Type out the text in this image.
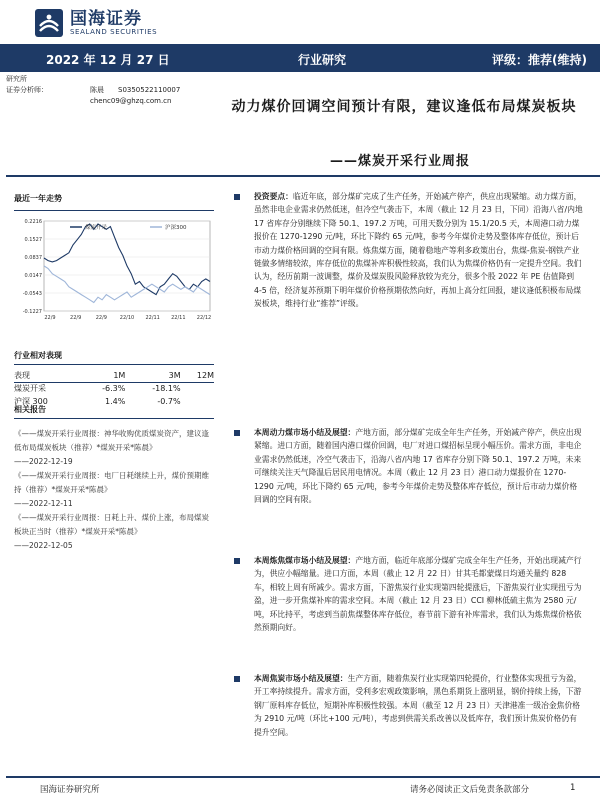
国海证券
SEALAND SECURITIES
2022 年 12 月 27 日	行业研究	评级：推荐(维持)
研究所
证券分析师：	陈晨	S0350522110007
chenc09@ghzq.com.cn	动力煤价回调空间预计有限，建议逢低布局煤炭板块
——煤炭开采行业周报
最近一年走势
0.2216
0.1527
0.0837
0.0147
-0.0543
-0.1227
22/9	22/9	22/9	22/10 22/11 22/11 22/12
煤炭开采	沪深300
行业相对表现
表现	1M	3M	12M
煤炭开采	-6.3%	-18.1%	
沪深 300	1.4%	-0.7%	
相关报告
《——煤炭开采行业周报：神华收购优质煤炭资产，建议逢低布局煤炭板块（推荐）*煤炭开采*陈晨》
——2022-12-19
《——煤炭开采行业周报：电厂日耗继续上升，煤价预期维持（推荐）*煤炭开采*陈晨》
——2022-12-11
《——煤炭开采行业周报：日耗上升、煤价上涨，布局煤炭板块正当时（推荐）*煤炭开采*陈晨》
——2022-12-05
投资要点：临近年底，部分煤矿完成了生产任务，开始减产停产，供应出现紧缩。动力煤方面，虽然非电企业需求仍然低迷，但冷空气袭击下，本周（截止 12 月 23 日，下同）沿海八省/内地 17 省库存分别继续下降 50.1、197.2 万吨，可用天数分别为 15.1/20.5 天，本周港口动力煤报价在 1270-1290 元/吨，环比下降约 65 元/吨，参考今年煤价走势及整体库存低位，预计后市动力煤价格回调的空间有限。炼焦煤方面，随着稳地产等利多政策出台，焦煤-焦炭-钢铁产业链做多情绪较浓，库存低位的焦煤补库积极性较高，我们认为焦煤价格仍有一定提升空间。我们认为，经历前期一波调整，煤价及煤炭股风险释放较为充分，很多个股 2022 年 PE 估值降到 4-5 倍，经济复苏预期下明年煤价价格预期依然向好，再加上高分红回报，建议逢低积极布局煤炭板块，维持行业“推荐”评级。
本周动力煤市场小结及展望：产地方面，部分煤矿完成全年生产任务，开始减产停产，供应出现紧缩。进口方面，随着国内港口煤价回调，电厂对进口煤招标呈现小幅压价。需求方面，非电企业需求仍然低迷，冷空气袭击下，沿海八省/内地 17 省库存分别下降 50.1、197.2 万吨，未来可继续关注天气降温后居民用电情况。本周（截止 12 月 23 日）港口动力煤报价在 1270-1290 元/吨，环比下降约 65 元/吨，参考今年煤价走势及整体库存低位，预计后市动力煤价格回调的空间有限。
本周炼焦煤市场小结及展望：产地方面，临近年底部分煤矿完成全年生产任务，开始出现减产行为，供应小幅缩量。进口方面，本周（截止 12 月 22 日）甘其毛都蒙煤日均通关量约 828 车，相较上周有所减少。需求方面，下游焦炭行业实现第四轮提涨后，下游焦炭行业实现扭亏为盈，进一步开焦煤补库的需求空间。本周（截止 12 月 23 日）CCI 柳林低硫主焦为 2580 元/吨，环比持平，考虑到当前焦煤整体库存低位，春节前下游有补库需求，我们认为炼焦煤价格依然预期向好。
本周焦炭市场小结及展望：生产方面，随着焦炭行业实现第四轮提价，行业整体实现扭亏为盈，开工率持续提升。需求方面，受利多宏观政策影响，黑色系期货上涨明显，钢价持续上扬，下游钢厂原料库存低位，短期补库积极性较强。本周（截至 12 月 23 日）天津港准一级冶金焦价格为 2910 元/吨（环比+100 元/吨），考虑到供需关系改善以及低库存，我们预计焦炭价格仍有提升空间。
国海证券研究所	请务必阅读正文后免责条款部分	1
